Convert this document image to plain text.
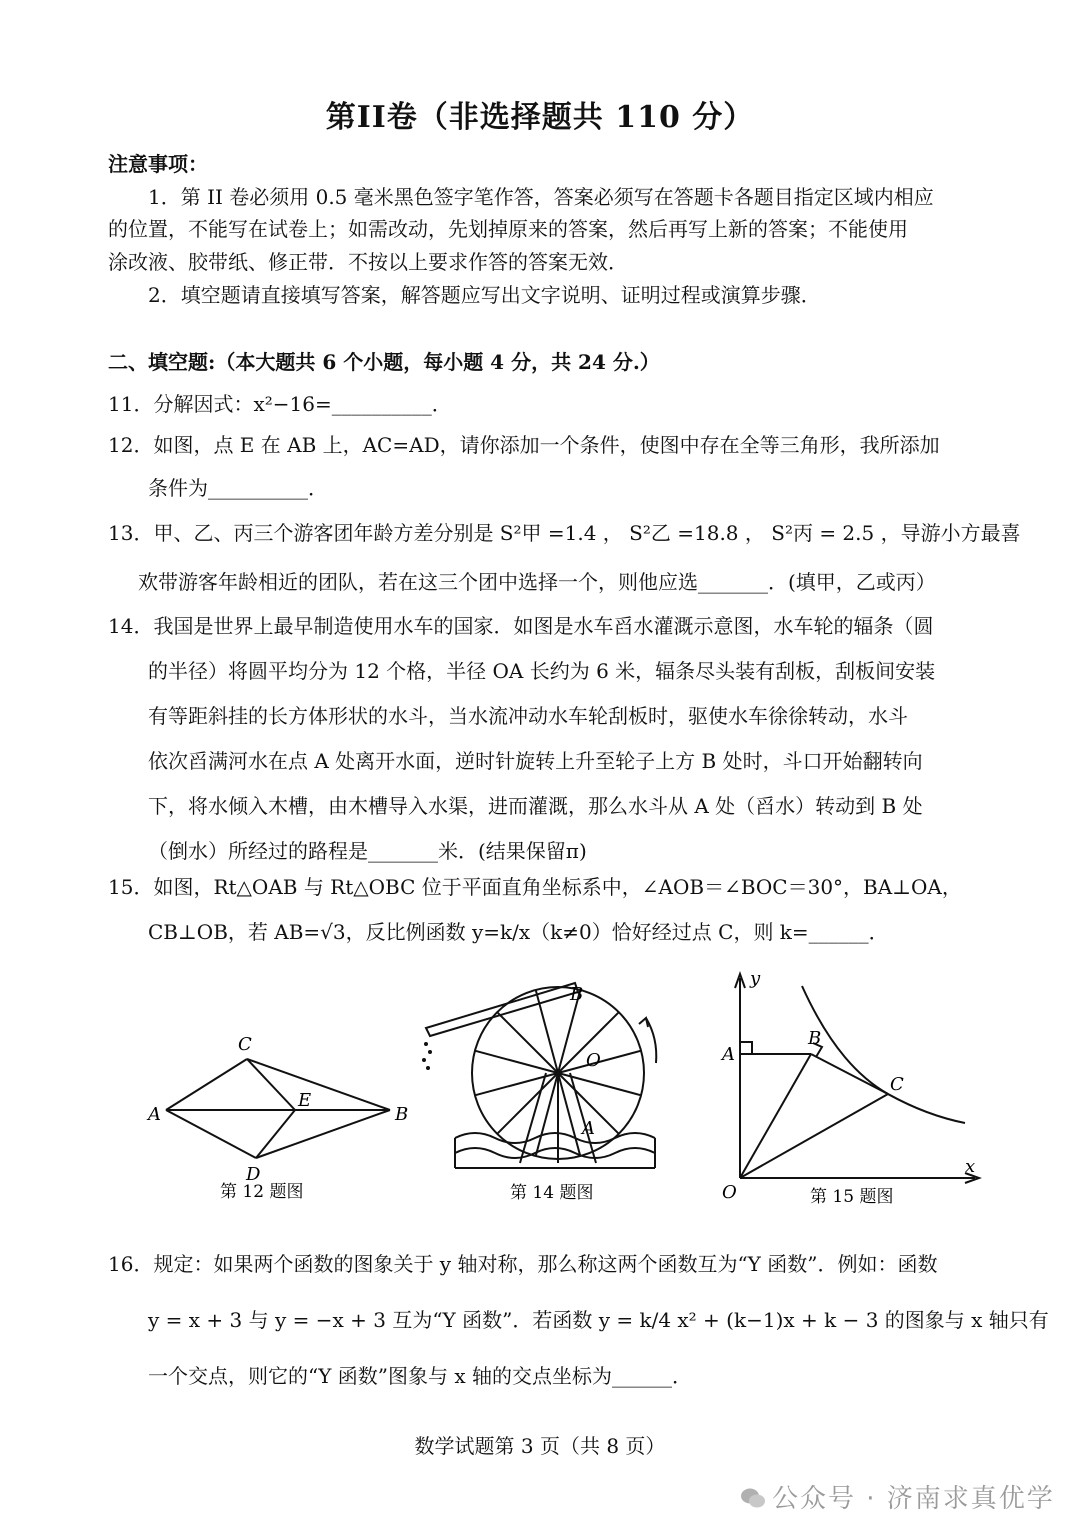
第II卷（非选择题共 110 分）
注意事项：
1．第 II 卷必须用 0.5 毫米黑色签字笔作答，答案必须写在答题卡各题目指定区域内相应
的位置，不能写在试卷上；如需改动，先划掉原来的答案，然后再写上新的答案；不能使用
涂改液、胶带纸、修正带．不按以上要求作答的答案无效．
2．填空题请直接填写答案，解答题应写出文字说明、证明过程或演算步骤．
二、填空题:（本大题共 6 个小题，每小题 4 分，共 24 分.）
11．分解因式：x²−16=__________．
12．如图，点 E 在 AB 上，AC=AD，请你添加一个条件，使图中存在全等三角形，我所添加
条件为__________．
13．甲、乙、丙三个游客团年龄方差分别是 S²甲 =1.4 ， S²乙 =18.8 ， S²丙 = 2.5 ，导游小方最喜
欢带游客年龄相近的团队，若在这三个团中选择一个，则他应选_______．(填甲，乙或丙）
14．我国是世界上最早制造使用水车的国家．如图是水车舀水灌溉示意图，水车轮的辐条（圆
的半径）将圆平均分为 12 个格，半径 OA 长约为 6 米，辐条尽头装有刮板，刮板间安装
有等距斜挂的长方体形状的水斗，当水流冲动水车轮刮板时，驱使水车徐徐转动，水斗
依次舀满河水在点 A 处离开水面，逆时针旋转上升至轮子上方 B 处时，斗口开始翻转向
下，将水倾入木槽，由木槽导入水渠，进而灌溉，那么水斗从 A 处（舀水）转动到 B 处
（倒水）所经过的路程是_______米．(结果保留π)
15．如图，Rt△OAB 与 Rt△OBC 位于平面直角坐标系中，∠AOB＝∠BOC＝30°，BA⊥OA，
CB⊥OB，若 AB=√3，反比例函数 y=k/x（k≠0）恰好经过点 C，则 k=______．
C
A
E
B
D
第 12 题图
B
O
A
第 14 题图
A
B
C
O
x
y
第 15 题图
16．规定：如果两个函数的图象关于 y 轴对称，那么称这两个函数互为“Y 函数”．例如：函数
y = x + 3 与 y = −x + 3 互为“Y 函数”．若函数 y = k/4 x² + (k−1)x + k − 3 的图象与 x 轴只有
一个交点，则它的“Y 函数”图象与 x 轴的交点坐标为______．
数学试题第 3 页（共 8 页）
公众号 · 济南求真优学
